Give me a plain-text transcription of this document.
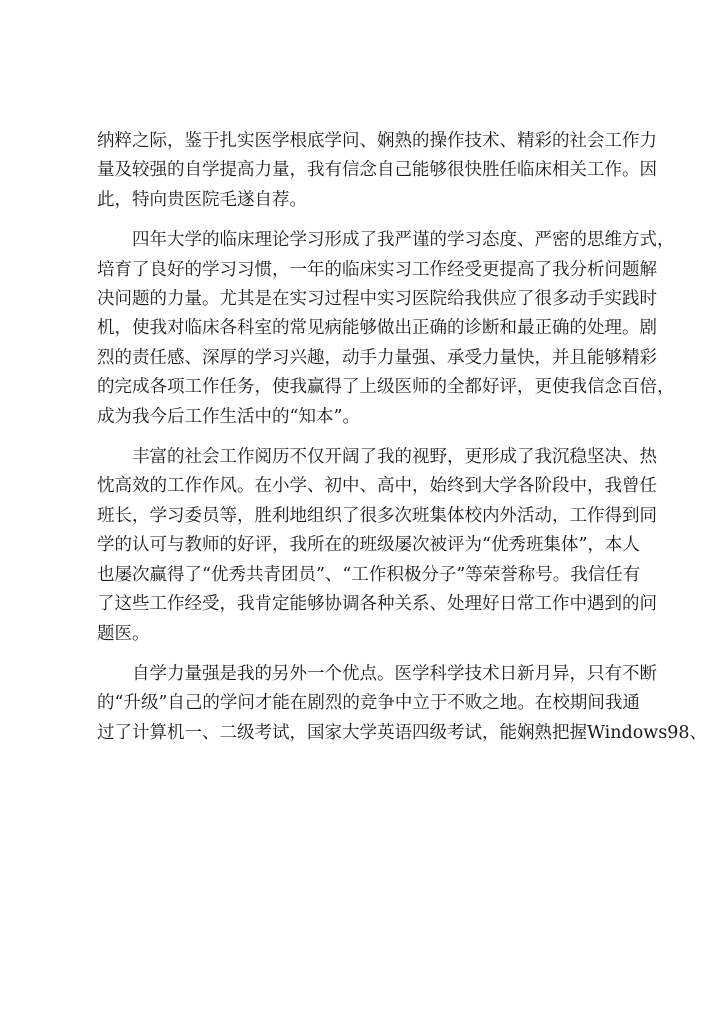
纳粹之际，鉴于扎实医学根底学问、娴熟的操作技术、精彩的社会工作力
量及较强的自学提高力量，我有信念自己能够很快胜任临床相关工作。因
此，特向贵医院毛遂自荐。
四年大学的临床理论学习形成了我严谨的学习态度、严密的思维方式，
培育了良好的学习习惯，一年的临床实习工作经受更提高了我分析问题解
决问题的力量。尤其是在实习过程中实习医院给我供应了很多动手实践时
机，使我对临床各科室的常见病能够做出正确的诊断和最正确的处理。剧
烈的责任感、深厚的学习兴趣，动手力量强、承受力量快，并且能够精彩
的完成各项工作任务，使我赢得了上级医师的全都好评，更使我信念百倍，
成为我今后工作生活中的“知本”。
丰富的社会工作阅历不仅开阔了我的视野，更形成了我沉稳坚决、热
忱高效的工作作风。在小学、初中、高中，始终到大学各阶段中，我曾任
班长，学习委员等，胜利地组织了很多次班集体校内外活动，工作得到同
学的认可与教师的好评，我所在的班级屡次被评为“优秀班集体”，本人
也屡次赢得了“优秀共青团员”、“工作积极分子”等荣誉称号。我信任有
了这些工作经受，我肯定能够协调各种关系、处理好日常工作中遇到的问
题医。
自学力量强是我的另外一个优点。医学科学技术日新月异，只有不断
的“升级”自己的学问才能在剧烈的竞争中立于不败之地。在校期间我通
过了计算机一、二级考试，国家大学英语四级考试，能娴熟把握Windows98、
